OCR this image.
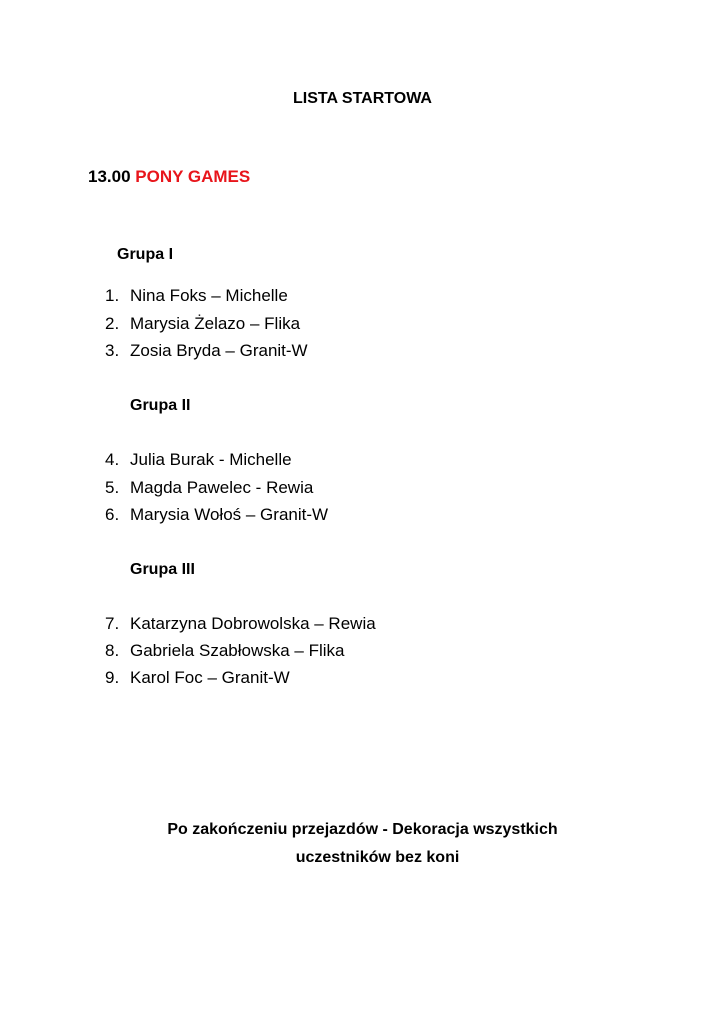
LISTA STARTOWA
13.00 PONY GAMES
Grupa I
1. Nina Foks – Michelle
2. Marysia Żelazo – Flika
3. Zosia Bryda – Granit-W
Grupa II
4. Julia Burak - Michelle
5. Magda Pawelec - Rewia
6. Marysia Wołoś – Granit-W
Grupa III
7. Katarzyna Dobrowolska – Rewia
8. Gabriela Szabłowska – Flika
9. Karol Foc – Granit-W
Po zakończeniu przejazdów - Dekoracja wszystkich
uczestników bez koni
